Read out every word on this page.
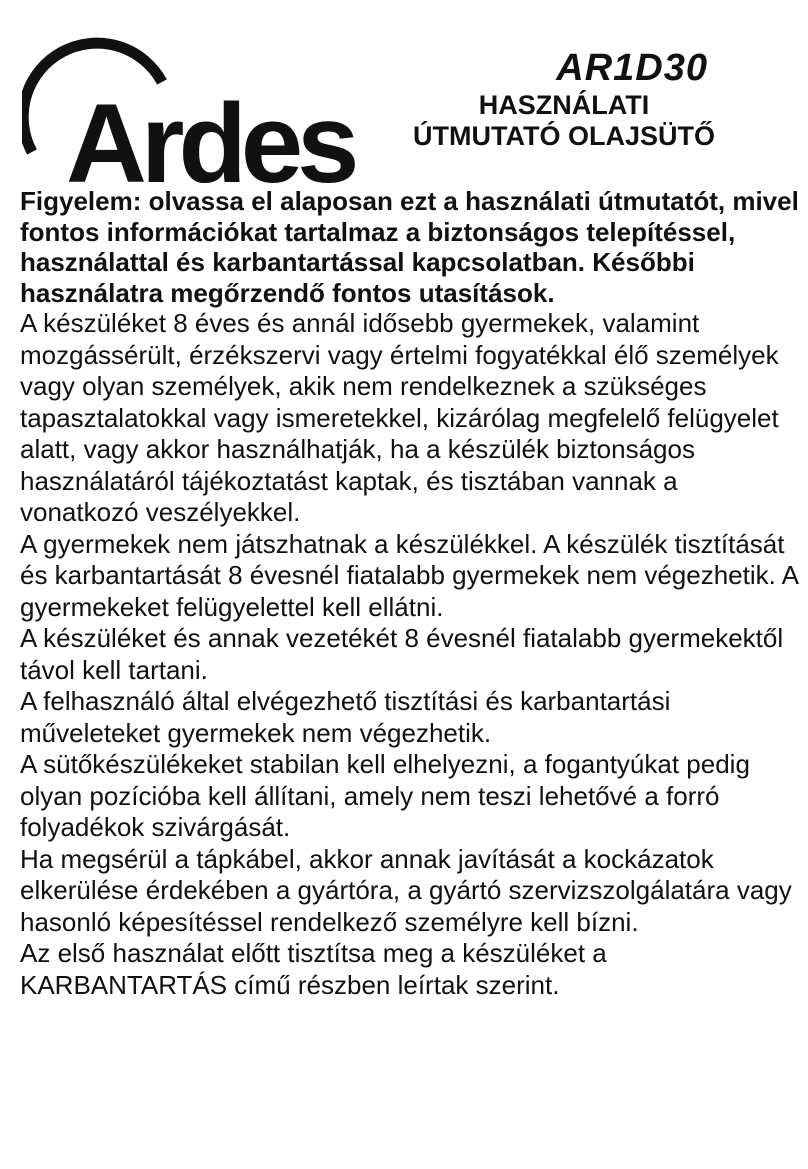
Ardes
AR1D30
HASZNÁLATI
ÚTMUTATÓ OLAJSÜTŐ

Figyelem: olvassa el alaposan ezt a használati útmutatót, mivel fontos információkat tartalmaz a biztonságos telepítéssel, használattal és karbantartással kapcsolatban. Későbbi használatra megőrzendő fontos utasítások.

A készüléket 8 éves és annál idősebb gyermekek, valamint mozgássérült, érzékszervi vagy értelmi fogyatékkal élő személyek vagy olyan személyek, akik nem rendelkeznek a szükséges tapasztalatokkal vagy ismeretekkel, kizárólag megfelelő felügyelet alatt, vagy akkor használhatják, ha a készülék biztonságos használatáról tájékoztatást kaptak, és tisztában vannak a vonatkozó veszélyekkel.

A gyermekek nem játszhatnak a készülékkel. A készülék tisztítását és karbantartását 8 évesnél fiatalabb gyermekek nem végezhetik. A gyermekeket felügyelettel kell ellátni.

A készüléket és annak vezetékét 8 évesnél fiatalabb gyermekektől távol kell tartani.

A felhasználó által elvégezhető tisztítási és karbantartási műveleteket gyermekek nem végezhetik.

A sütőkészülékeket stabilan kell elhelyezni, a fogantyúkat pedig olyan pozícióba kell állítani, amely nem teszi lehetővé a forró folyadékok szivárgását.

Ha megsérül a tápkábel, akkor annak javítását a kockázatok elkerülése érdekében a gyártóra, a gyártó szervizszolgálatára vagy hasonló képesítéssel rendelkező személyre kell bízni.

Az első használat előtt tisztítsa meg a készüléket a KARBANTARTÁS című részben leírtak szerint.
